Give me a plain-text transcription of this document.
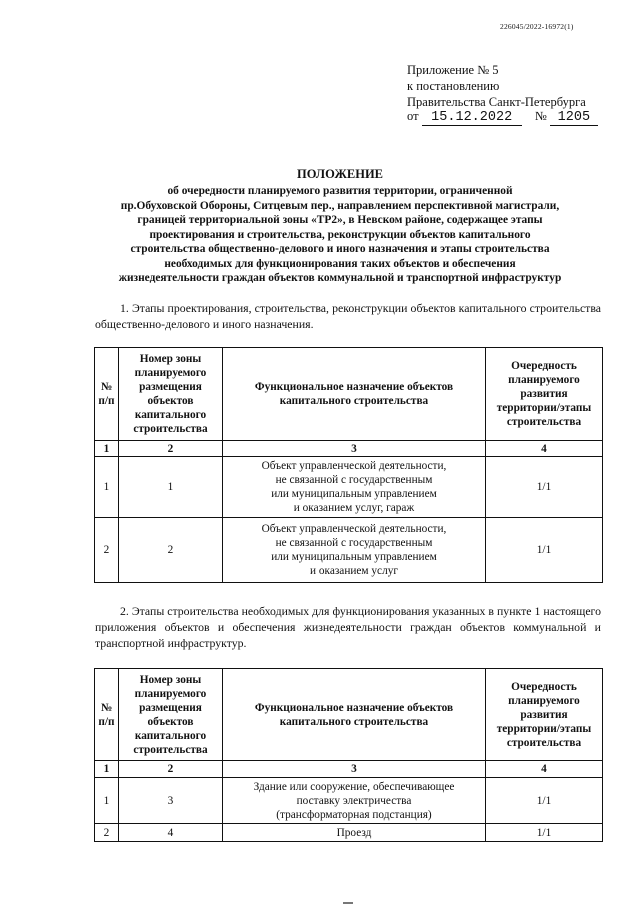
226045/2022-16972(1)
Приложение № 5
к постановлению
Правительства Санкт-Петербурга
от 15.12.2022 № 1205
ПОЛОЖЕНИЕ
об очередности планируемого развития территории, ограниченной
пр.Обуховской Обороны, Ситцевым пер., направлением перспективной магистрали,
границей территориальной зоны «ТР2», в Невском районе, содержащее этапы
проектирования и строительства, реконструкции объектов капитального
строительства общественно-делового и иного назначения и этапы строительства
необходимых для функционирования таких объектов и обеспечения
жизнедеятельности граждан объектов коммунальной и транспортной инфраструктур
1. Этапы проектирования, строительства, реконструкции объектов капитального строительства общественно-делового и иного назначения.
№ п/п	Номер зоны планируемого размещения объектов капитального строительства	Функциональное назначение объектов капитального строительства	Очередность планируемого развития территории/этапы строительства
1	2	3	4
1	1	Объект управленческой деятельности,
не связанной с государственным
или муниципальным управлением
и оказанием услуг, гараж	1/1
2	2	Объект управленческой деятельности,
не связанной с государственным
или муниципальным управлением
и оказанием услуг	1/1
2. Этапы строительства необходимых для функционирования указанных в пункте 1 настоящего приложения объектов и обеспечения жизнедеятельности граждан объектов коммунальной и транспортной инфраструктур.
№ п/п	Номер зоны планируемого размещения объектов капитального строительства	Функциональное назначение объектов капитального строительства	Очередность планируемого развития территории/этапы строительства
1	2	3	4
1	3	Здание или сооружение, обеспечивающее
поставку электричества
(трансформаторная подстанция)	1/1
2	4	Проезд	1/1
